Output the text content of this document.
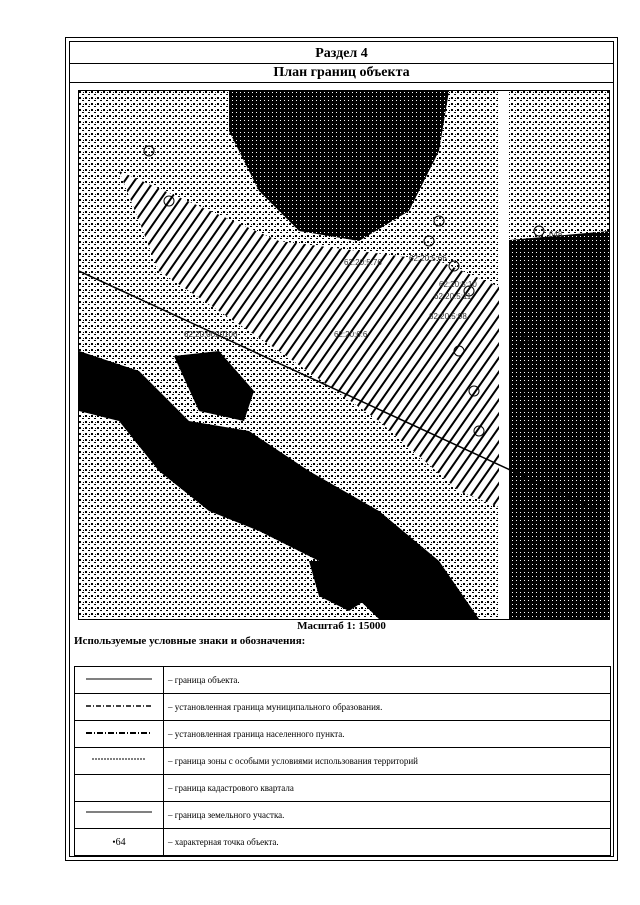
Раздел 4
План границ объекта
62:20:0020106	62:20:6:6
62:20:5:76	62:20:5:66
62:20:5:11
62:20:5:10
62:20:5:98
648
Масштаб 1: 15000
Используемые условные знаки и обозначения:
	– граница объекта.
	– установленная граница муниципального образования.
	– установленная граница населенного пункта.
	– граница зоны с особыми условиями использования территорий
	– граница кадастрового квартала
	– граница земельного участка.
•64	– характерная точка объекта.
